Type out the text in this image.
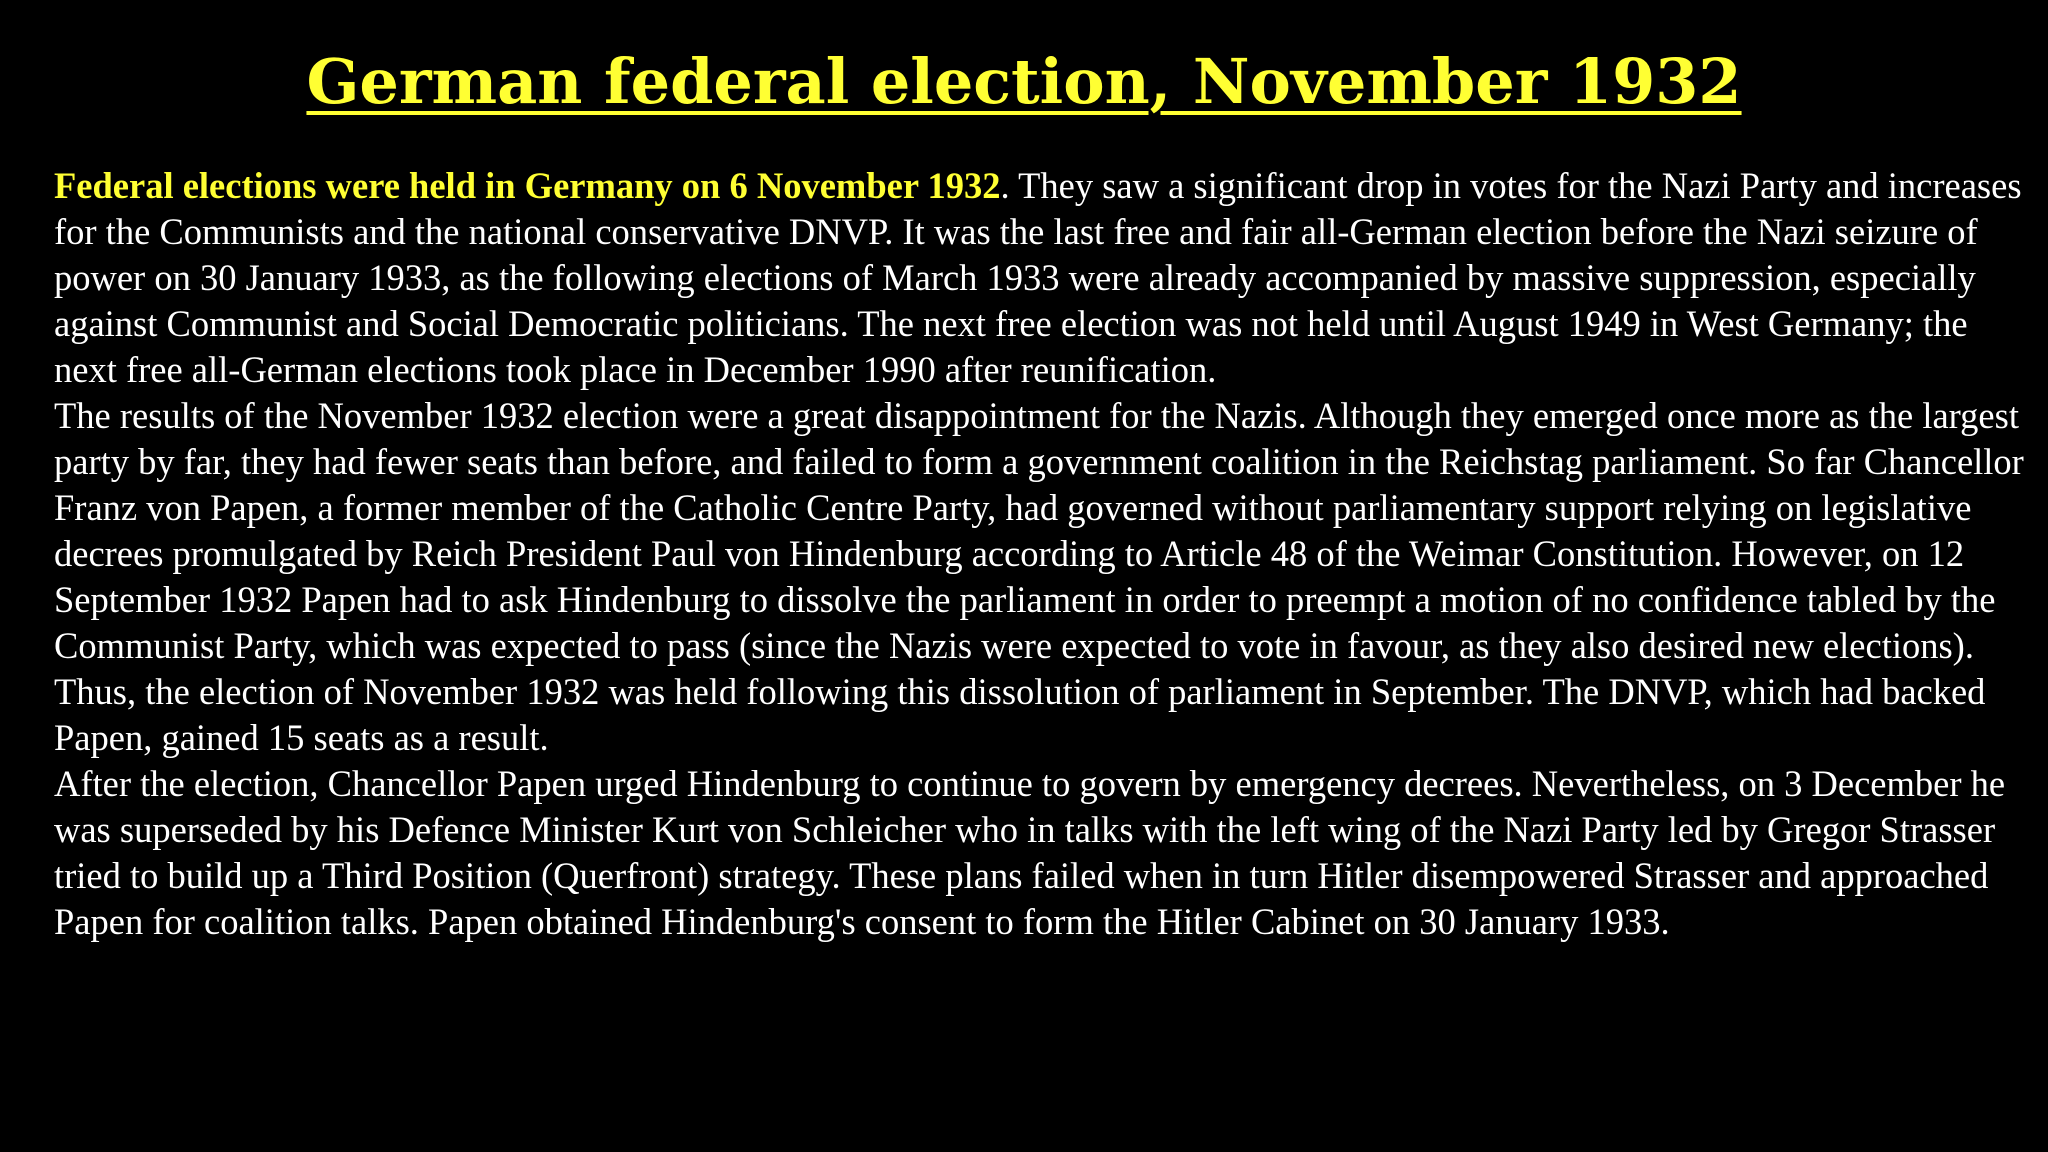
German federal election, November 1932

Federal elections were held in Germany on 6 November 1932. They saw a significant drop in votes for the Nazi Party and increases for the Communists and the national conservative DNVP. It was the last free and fair all-German election before the Nazi seizure of power on 30 January 1933, as the following elections of March 1933 were already accompanied by massive suppression, especially against Communist and Social Democratic politicians. The next free election was not held until August 1949 in West Germany; the next free all-German elections took place in December 1990 after reunification.

The results of the November 1932 election were a great disappointment for the Nazis. Although they emerged once more as the largest party by far, they had fewer seats than before, and failed to form a government coalition in the Reichstag parliament. So far Chancellor Franz von Papen, a former member of the Catholic Centre Party, had governed without parliamentary support relying on legislative decrees promulgated by Reich President Paul von Hindenburg according to Article 48 of the Weimar Constitution. However, on 12 September 1932 Papen had to ask Hindenburg to dissolve the parliament in order to preempt a motion of no confidence tabled by the Communist Party, which was expected to pass (since the Nazis were expected to vote in favour, as they also desired new elections). Thus, the election of November 1932 was held following this dissolution of parliament in September. The DNVP, which had backed Papen, gained 15 seats as a result.

After the election, Chancellor Papen urged Hindenburg to continue to govern by emergency decrees. Nevertheless, on 3 December he was superseded by his Defence Minister Kurt von Schleicher who in talks with the left wing of the Nazi Party led by Gregor Strasser tried to build up a Third Position (Querfront) strategy. These plans failed when in turn Hitler disempowered Strasser and approached Papen for coalition talks. Papen obtained Hindenburg's consent to form the Hitler Cabinet on 30 January 1933.
